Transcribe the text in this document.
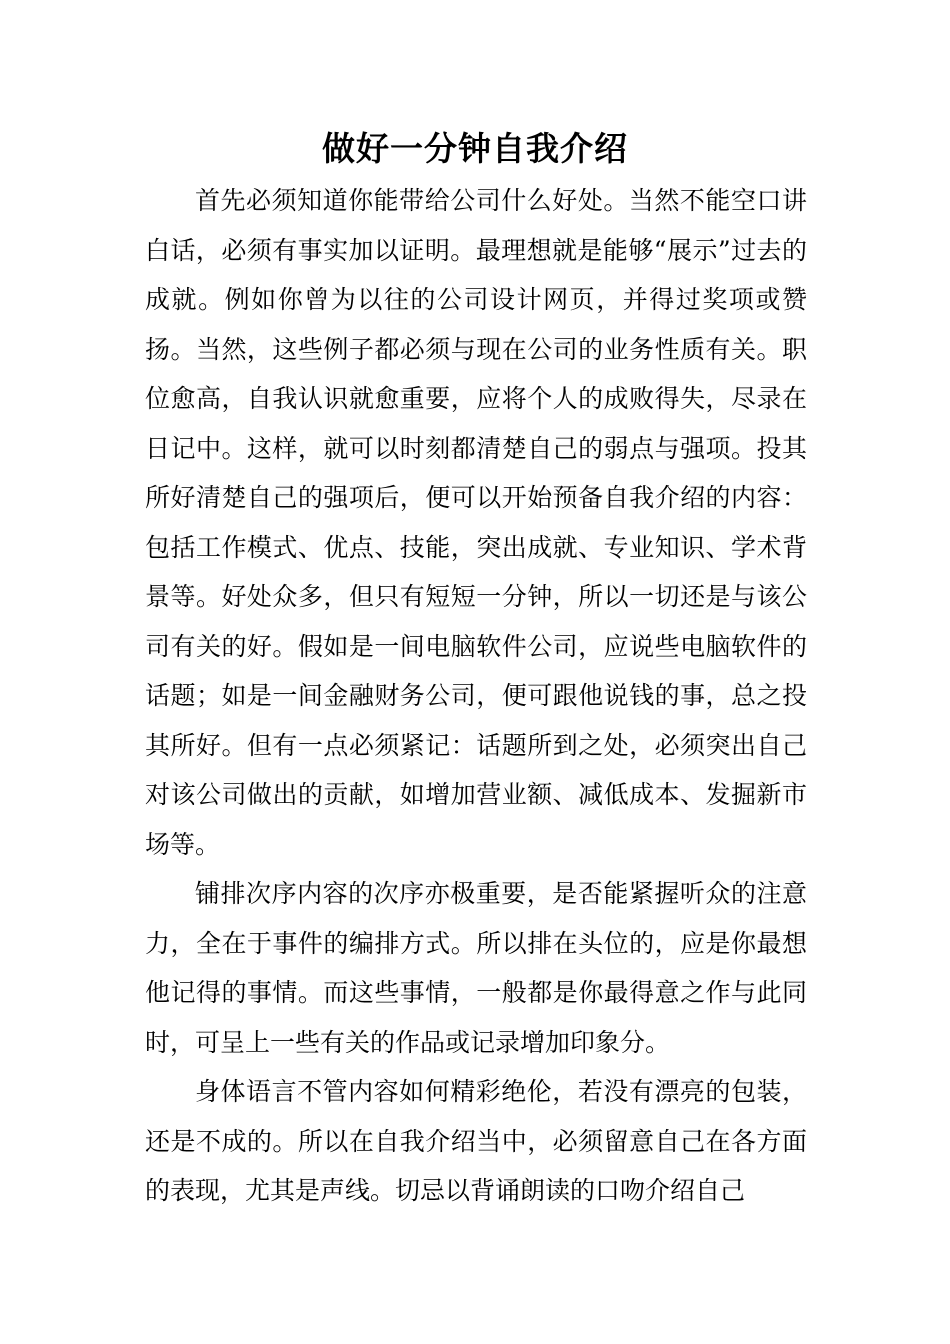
做好一分钟自我介绍

首先必须知道你能带给公司什么好处。当然不能空口讲白话，必须有事实加以证明。最理想就是能够“展示”过去的成就。例如你曾为以往的公司设计网页，并得过奖项或赞扬。当然，这些例子都必须与现在公司的业务性质有关。职位愈高，自我认识就愈重要，应将个人的成败得失，尽录在日记中。这样，就可以时刻都清楚自己的弱点与强项。投其所好清楚自己的强项后，便可以开始预备自我介绍的内容：包括工作模式、优点、技能，突出成就、专业知识、学术背景等。好处众多，但只有短短一分钟，所以一切还是与该公司有关的好。假如是一间电脑软件公司，应说些电脑软件的话题；如是一间金融财务公司，便可跟他说钱的事，总之投其所好。但有一点必须紧记：话题所到之处，必须突出自己对该公司做出的贡献，如增加营业额、减低成本、发掘新市场等。

铺排次序内容的次序亦极重要，是否能紧握听众的注意力，全在于事件的编排方式。所以排在头位的，应是你最想他记得的事情。而这些事情，一般都是你最得意之作与此同时，可呈上一些有关的作品或记录增加印象分。

身体语言不管内容如何精彩绝伦，若没有漂亮的包装，还是不成的。所以在自我介绍当中，必须留意自己在各方面的表现，尤其是声线。切忌以背诵朗读的口吻介绍自己
